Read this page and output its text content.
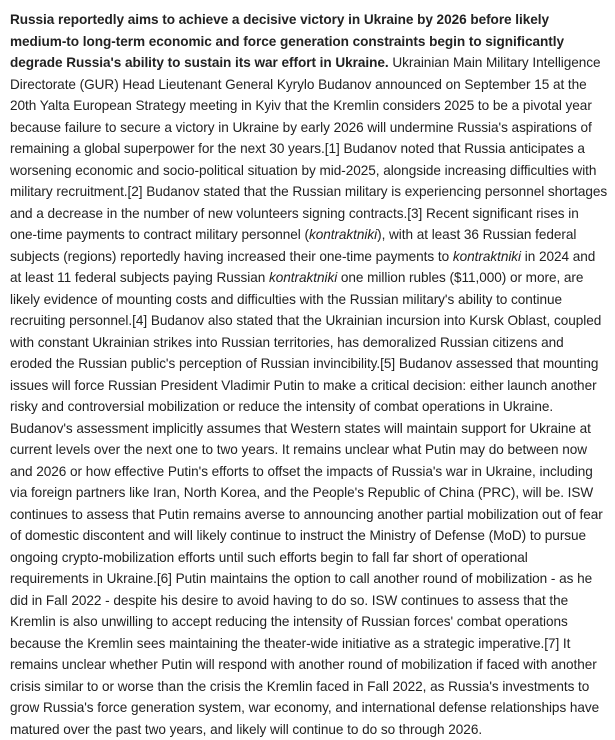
Russia reportedly aims to achieve a decisive victory in Ukraine by 2026 before likely medium-to long-term economic and force generation constraints begin to significantly degrade Russia's ability to sustain its war effort in Ukraine. Ukrainian Main Military Intelligence Directorate (GUR) Head Lieutenant General Kyrylo Budanov announced on September 15 at the 20th Yalta European Strategy meeting in Kyiv that the Kremlin considers 2025 to be a pivotal year because failure to secure a victory in Ukraine by early 2026 will undermine Russia's aspirations of remaining a global superpower for the next 30 years.[1] Budanov noted that Russia anticipates a worsening economic and socio-political situation by mid-2025, alongside increasing difficulties with military recruitment.[2] Budanov stated that the Russian military is experiencing personnel shortages and a decrease in the number of new volunteers signing contracts.[3] Recent significant rises in one-time payments to contract military personnel (kontraktniki), with at least 36 Russian federal subjects (regions) reportedly having increased their one-time payments to kontraktniki in 2024 and at least 11 federal subjects paying Russian kontraktniki one million rubles ($11,000) or more, are likely evidence of mounting costs and difficulties with the Russian military's ability to continue recruiting personnel.[4] Budanov also stated that the Ukrainian incursion into Kursk Oblast, coupled with constant Ukrainian strikes into Russian territories, has demoralized Russian citizens and eroded the Russian public's perception of Russian invincibility.[5] Budanov assessed that mounting issues will force Russian President Vladimir Putin to make a critical decision: either launch another risky and controversial mobilization or reduce the intensity of combat operations in Ukraine. Budanov's assessment implicitly assumes that Western states will maintain support for Ukraine at current levels over the next one to two years. It remains unclear what Putin may do between now and 2026 or how effective Putin's efforts to offset the impacts of Russia's war in Ukraine, including via foreign partners like Iran, North Korea, and the People's Republic of China (PRC), will be. ISW continues to assess that Putin remains averse to announcing another partial mobilization out of fear of domestic discontent and will likely continue to instruct the Ministry of Defense (MoD) to pursue ongoing crypto-mobilization efforts until such efforts begin to fall far short of operational requirements in Ukraine.[6] Putin maintains the option to call another round of mobilization - as he did in Fall 2022 - despite his desire to avoid having to do so. ISW continues to assess that the Kremlin is also unwilling to accept reducing the intensity of Russian forces' combat operations because the Kremlin sees maintaining the theater-wide initiative as a strategic imperative.[7] It remains unclear whether Putin will respond with another round of mobilization if faced with another crisis similar to or worse than the crisis the Kremlin faced in Fall 2022, as Russia's investments to grow Russia's force generation system, war economy, and international defense relationships have matured over the past two years, and likely will continue to do so through 2026.
